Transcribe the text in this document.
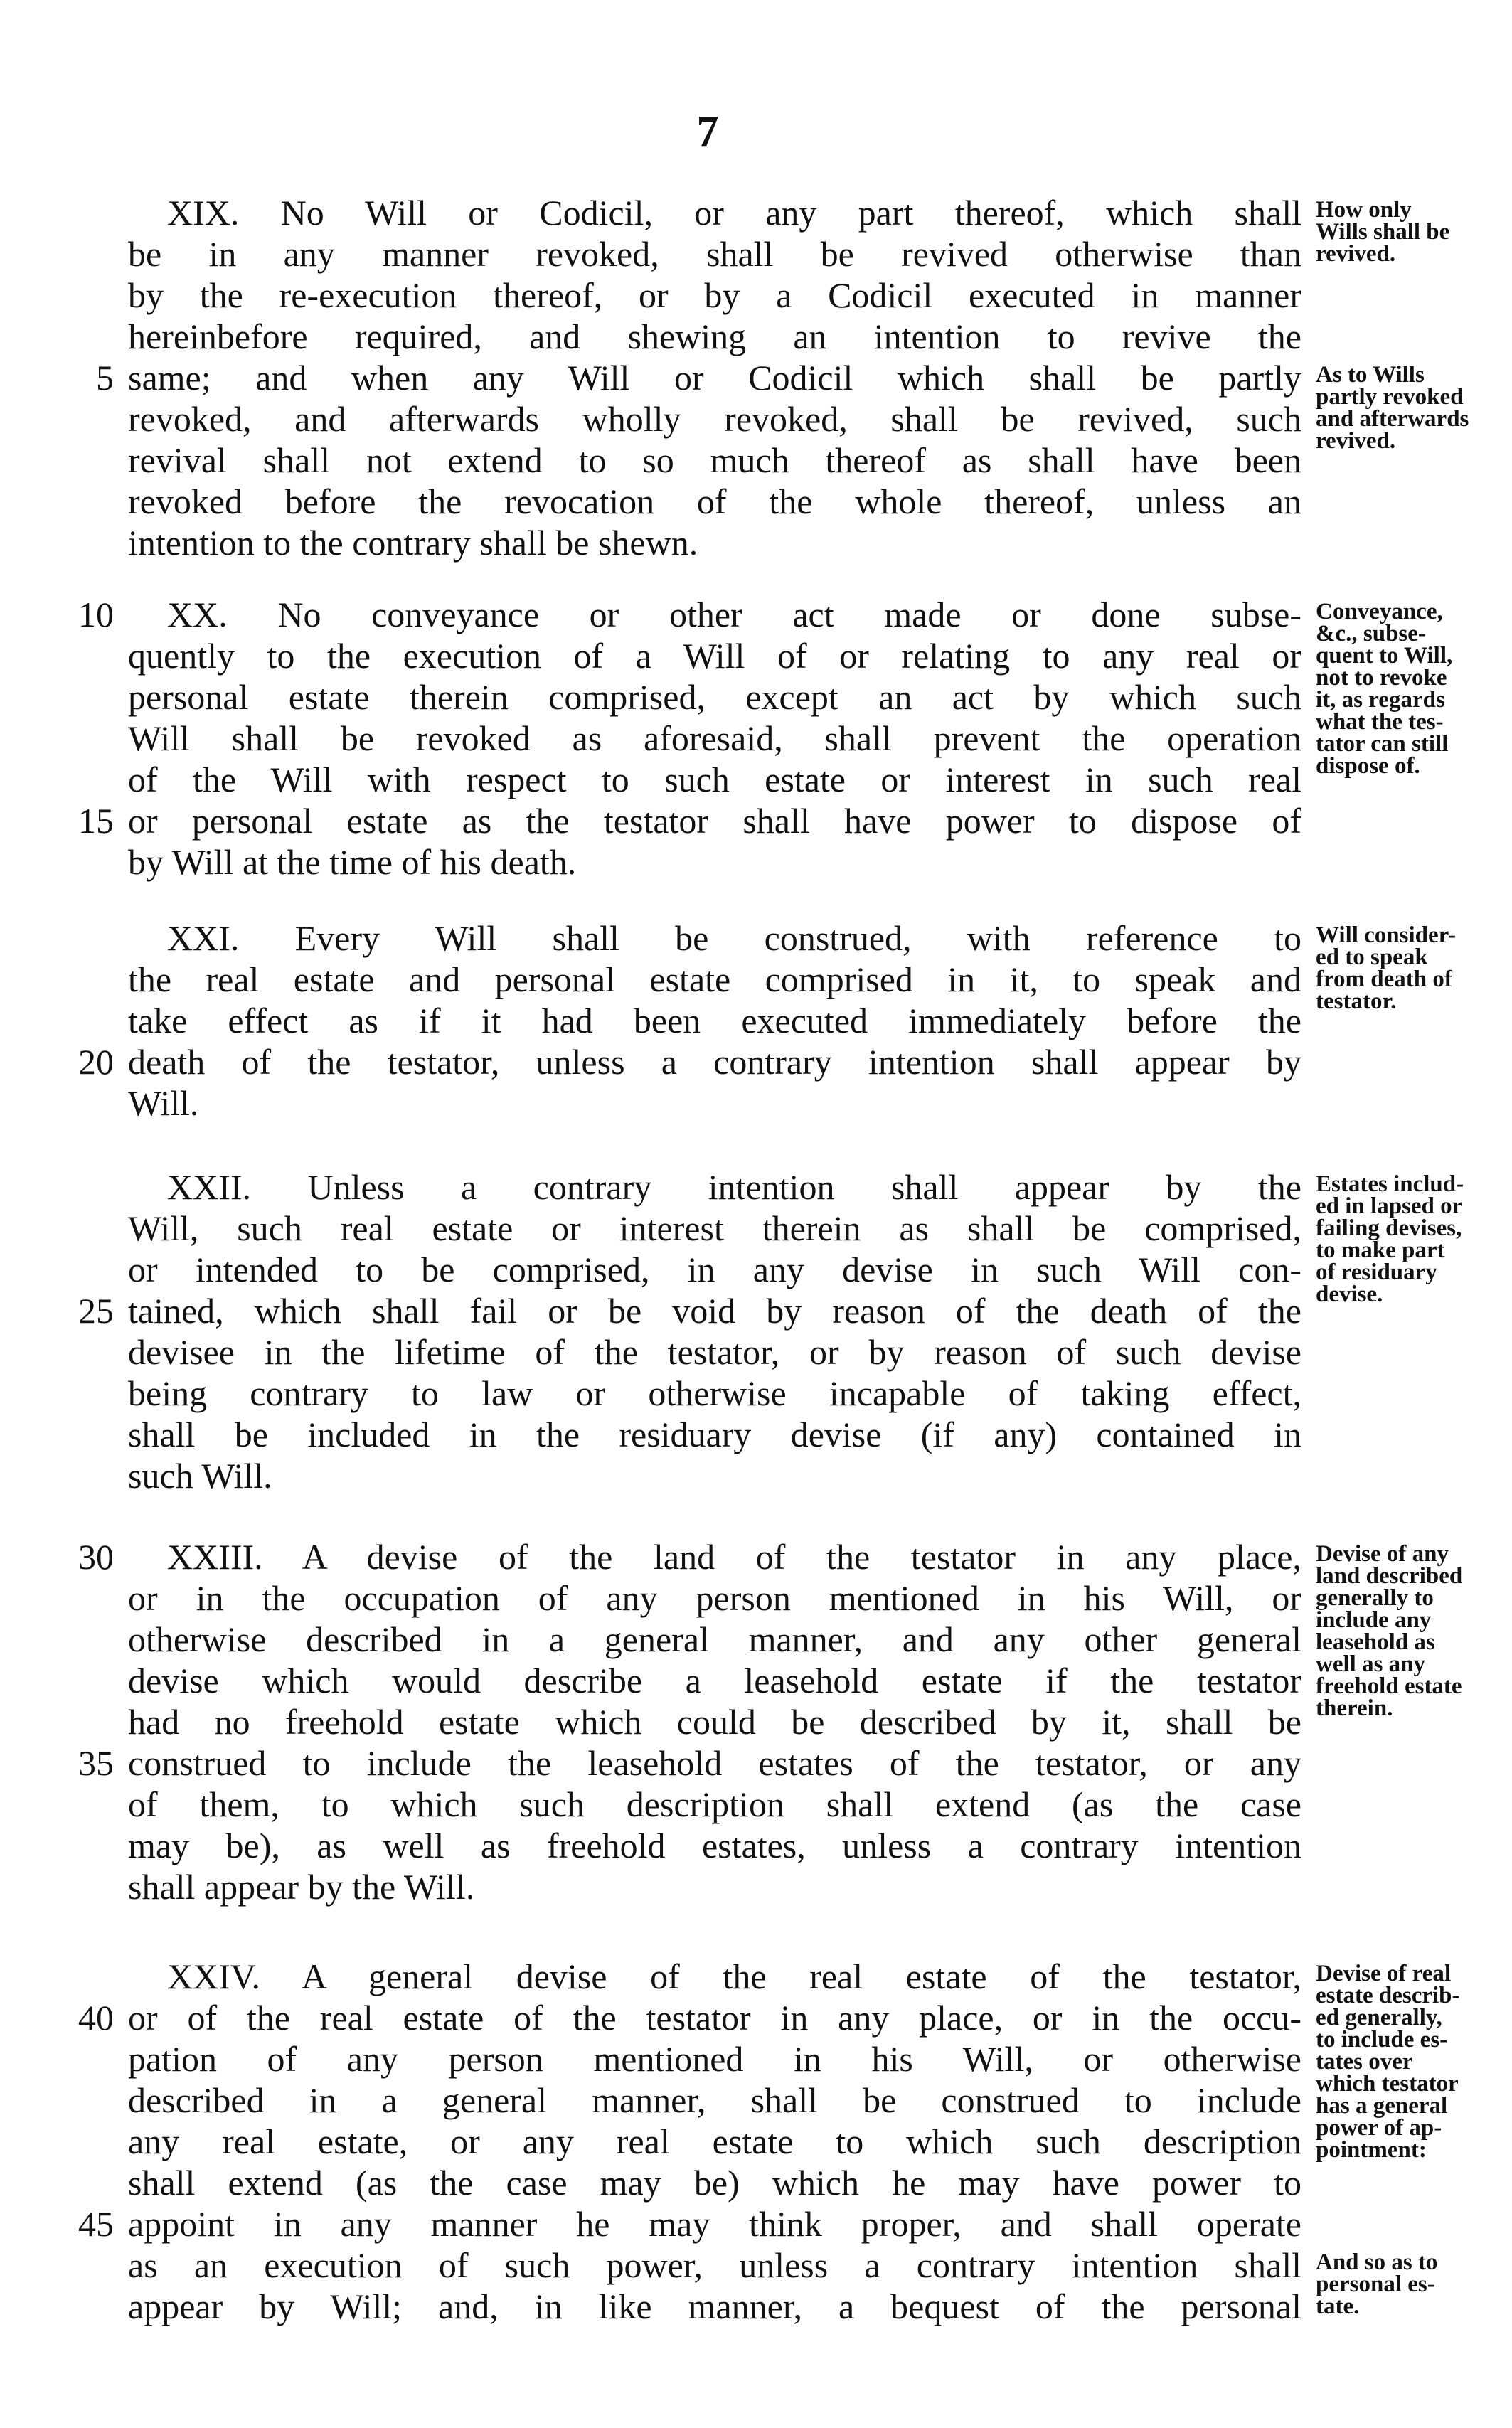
7
XIX. No Will or Codicil, or any part thereof, which shall
be in any manner revoked, shall be revived otherwise than
by the re-execution thereof, or by a Codicil executed in manner
hereinbefore required, and shewing an intention to revive the
5 same; and when any Will or Codicil which shall be partly
revoked, and afterwards wholly revoked, shall be revived, such
revival shall not extend to so much thereof as shall have been
revoked before the revocation of the whole thereof, unless an
intention to the contrary shall be shewn.
How only
Wills shall be
revived.
As to Wills
partly revoked
and afterwards
revived.
10	XX. No conveyance or other act made or done subse-
quently to the execution of a Will of or relating to any real or
personal estate therein comprised, except an act by which such
Will shall be revoked as aforesaid, shall prevent the operation
of the Will with respect to such estate or interest in such real
15 or personal estate as the testator shall have power to dispose of
by Will at the time of his death.
Conveyance,
&c., subse-
quent to Will,
not to revoke
it, as regards
what the tes-
tator can still
dispose of.
XXI. Every Will shall be construed, with reference to
the real estate and personal estate comprised in it, to speak and
take effect as if it had been executed immediately before the
20 death of the testator, unless a contrary intention shall appear by
Will.
Will consider-
ed to speak
from death of
testator.
XXII. Unless a contrary intention shall appear by the
Will, such real estate or interest therein as shall be comprised,
or intended to be comprised, in any devise in such Will con-
25 tained, which shall fail or be void by reason of the death of the
devisee in the lifetime of the testator, or by reason of such devise
being contrary to law or otherwise incapable of taking effect,
shall be included in the residuary devise (if any) contained in
such Will.
Estates includ-
ed in lapsed or
failing devises,
to make part
of residuary
devise.
30	XXIII. A devise of the land of the testator in any place,
or in the occupation of any person mentioned in his Will, or
otherwise described in a general manner, and any other general
devise which would describe a leasehold estate if the testator
had no freehold estate which could be described by it, shall be
35 construed to include the leasehold estates of the testator, or any
of them, to which such description shall extend (as the case
may be), as well as freehold estates, unless a contrary intention
shall appear by the Will.
Devise of any
land described
generally to
include any
leasehold as
well as any
freehold estate
therein.
XXIV. A general devise of the real estate of the testator,
40 or of the real estate of the testator in any place, or in the occu-
pation of any person mentioned in his Will, or otherwise
described in a general manner, shall be construed to include
any real estate, or any real estate to which such description
shall extend (as the case may be) which he may have power to
45 appoint in any manner he may think proper, and shall operate
as an execution of such power, unless a contrary intention shall
appear by Will; and, in like manner, a bequest of the personal
Devise of real
estate describ-
ed generally,
to include es-
tates over
which testator
has a general
power of ap-
pointment:
And so as to
personal es-
tate.
